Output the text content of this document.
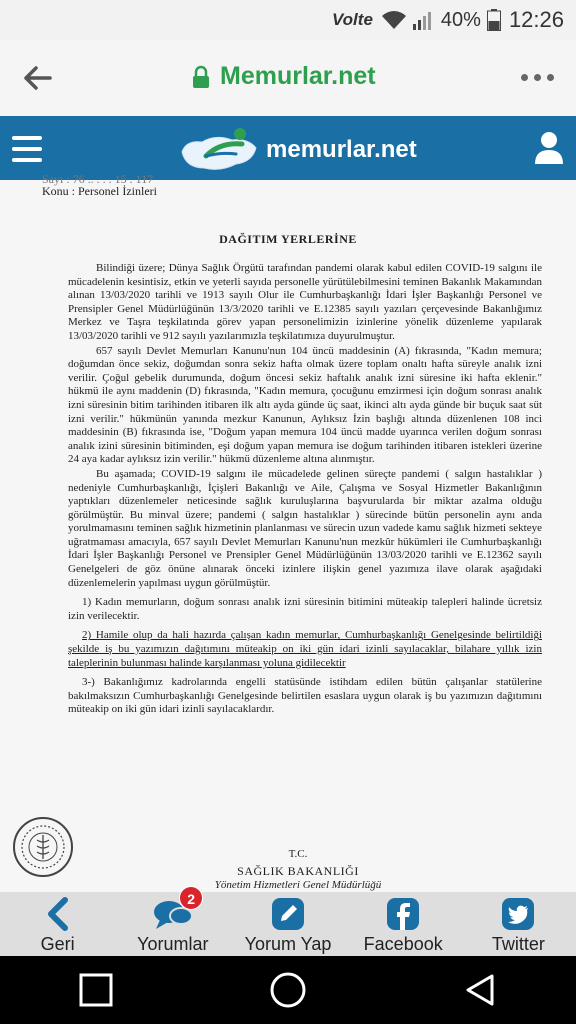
Volte	40% 12:26
Memurlar.net
memurlar.net
Sayı : 76 .. . . . 15 . 117
Konu : Personel İzinleri
DAĞITIM YERLERİNE

Bilindiği üzere; Dünya Sağlık Örgütü tarafından pandemi olarak kabul edilen COVID-19 salgını ile mücadelenin kesintisiz, etkin ve yeterli sayıda personelle yürütülebilmesini teminen Bakanlık Makamından alınan 13/03/2020 tarihli ve 1913 sayılı Olur ile Cumhurbaşkanlığı İdari İşler Başkanlığı Personel ve Prensipler Genel Müdürlüğünün 13/3/2020 tarihli ve E.12385 sayılı yazıları çerçevesinde Bakanlığımız Merkez ve Taşra teşkilatında görev yapan personelimizin izinlerine yönelik düzenleme yapılarak 13/03/2020 tarihli ve 912 sayılı yazılarımızla teşkilatımıza duyurulmuştur.

657 sayılı Devlet Memurları Kanunu'nun 104 üncü maddesinin (A) fıkrasında, "Kadın memura; doğumdan önce sekiz, doğumdan sonra sekiz hafta olmak üzere toplam onaltı hafta süreyle analık izni verilir. Çoğul gebelik durumunda, doğum öncesi sekiz haftalık analık izni süresine iki hafta eklenir." hükmü ile aynı maddenin (D) fıkrasında, "Kadın memura, çocuğunu emzirmesi için doğum sonrası analık izni süresinin bitim tarihinden itibaren ilk altı ayda günde üç saat, ikinci altı ayda günde bir buçuk saat süt izni verilir." hükmünün yanında mezkur Kanunun, Aylıksız İzin başlığı altında düzenlenen 108 inci maddesinin (B) fıkrasında ise, "Doğum yapan memura 104 üncü madde uyarınca verilen doğum sonrası analık izini süresinin bitiminden, eşi doğum yapan memura ise doğum tarihinden itibaren istekleri üzerine 24 aya kadar aylıksız izin verilir." hükmü düzenleme altına alınmıştır.

Bu aşamada; COVID-19 salgını ile mücadelede gelinen süreçte pandemi ( salgın hastalıklar ) nedeniyle Cumhurbaşkanlığı, İçişleri Bakanlığı ve Aile, Çalışma ve Sosyal Hizmetler Bakanlığının yaptıkları düzenlemeler neticesinde sağlık kuruluşlarına başvurularda bir miktar azalma olduğu görülmüştür. Bu minval üzere; pandemi ( salgın hastalıklar ) sürecinde bütün personelin aynı anda yorulmamasını teminen sağlık hizmetinin planlanması ve sürecin uzun vadede kamu sağlık hizmeti sekteye uğratmaması amacıyla, 657 sayılı Devlet Memurları Kanunu'nun mezkûr hükümleri ile Cumhurbaşkanlığı İdari İşler Başkanlığı Personel ve Prensipler Genel Müdürlüğünün 13/03/2020 tarihli ve E.12362 sayılı Genelgeleri de göz önüne alınarak önceki izinlere ilişkin genel yazımıza ilave olarak aşağıdaki düzenlemelerin yapılması uygun görülmüştür.

1) Kadın memurların, doğum sonrası analık izni süresinin bitimini müteakip talepleri halinde ücretsiz izin verilecektir.

2) Hamile olup da hali hazırda çalışan kadın memurlar, Cumhurbaşkanlığı Genelgesinde belirtildiği şekilde iş bu yazımızın dağıtımını müteakip on iki gün idari izinli sayılacaklar, bilahare yıllık izin taleplerinin bulunması halinde karşılanması yoluna gidilecektir

3-) Bakanlığımız kadrolarında engelli statüsünde istihdam edilen bütün çalışanlar statülerine bakılmaksızın Cumhurbaşkanlığı Genelgesinde belirtilen esaslara uygun olarak iş bu yazımızın dağıtımını müteakip on iki gün idari izinli sayılacaklardır.

T.C.
SAĞLIK BAKANLIĞI
Yönetim Hizmetleri Genel Müdürlüğü
Geri
2
Yorumlar Yorum Yap Facebook	Twitter
